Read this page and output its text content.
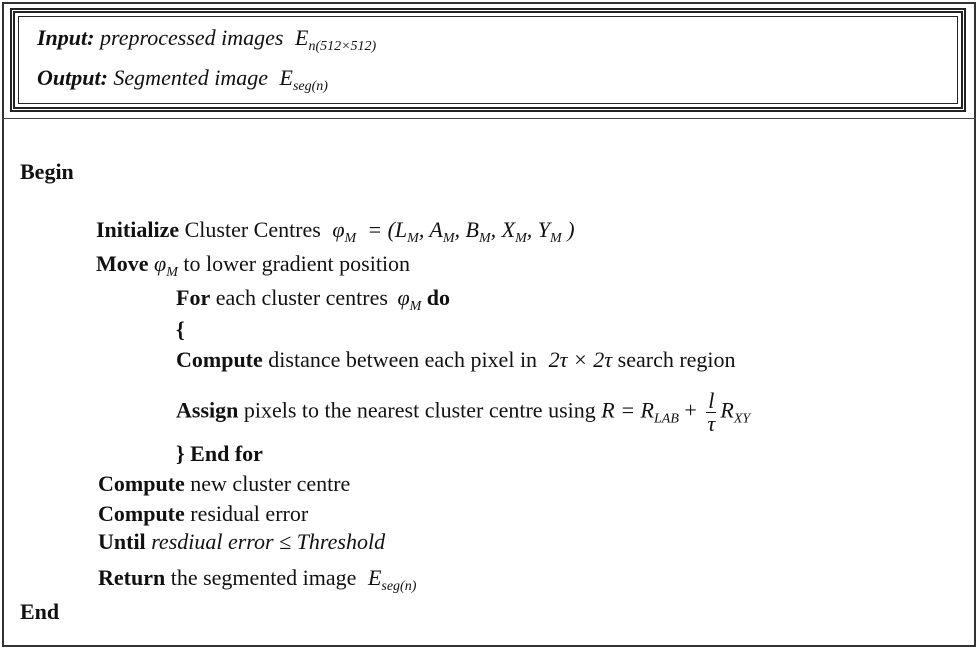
Input: preprocessed images $E_{n(512\times 512)}$
Output: Segmented image $E_{seg(n)}$
Begin
Initialize Cluster Centres $\varphi_M = (L_M$, $A_M$, $B_M$, $X_M$, $Y_M$ )
Move $\varphi_M$ to lower gradient position
For each cluster centres $\varphi_M$ do
{
Compute distance between each pixel in 2τ × 2τ search region
Assign pixels to the nearest cluster centre using $R = R_{LAB} + \frac{l}{\tau} R_{XY}$
} End for
Compute new cluster centre
Compute residual error
Until resdiual error ≤ Threshold
Return the segmented image $E_{seg(n)}$
End
